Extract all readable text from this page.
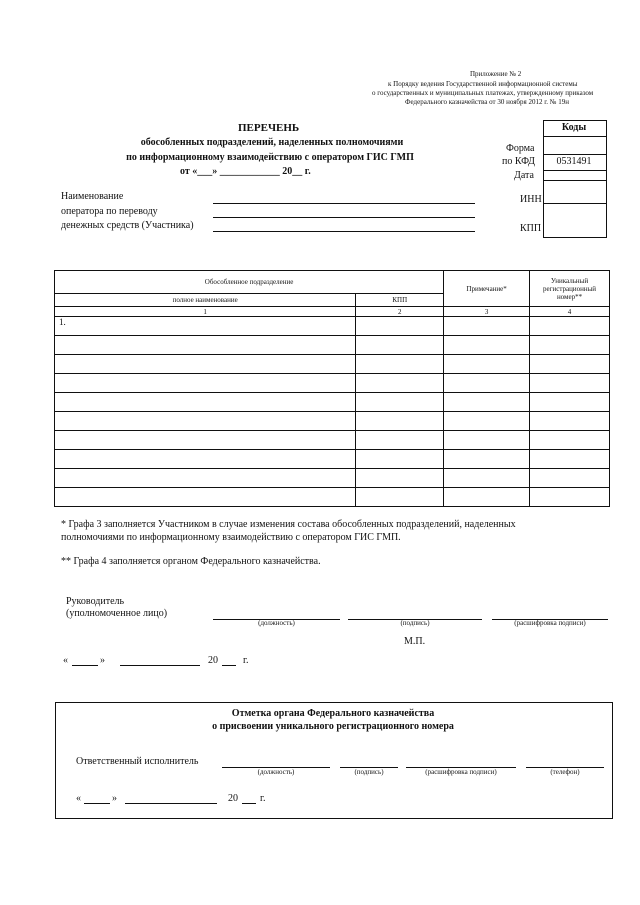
Приложение № 2
к Порядку ведения Государственной информационной системы
о государственных и муниципальных платежах, утвержденному приказом
Федерального казначейства от 30 ноября 2012 г. № 19н
ПЕРЕЧЕНЬ
обособленных подразделений, наделенных полномочиями
по информационному взаимодействию с оператором ГИС ГМП
от «___» ____________ 20__ г.
Коды
Форма
по КФД	0531491
Дата
ИНН
КПП
Наименование
оператора по переводу
денежных средств (Участника)
Обособленное подразделение		Примечание*	Уникальный
регистрационный
номер**
полное наименование	КПП		
1	2	3	4
1.			

* Графа 3 заполняется Участником в случае изменения состава обособленных подразделений, наделенных
полномочиями по информационному взаимодействию с оператором ГИС ГМП.
** Графа 4 заполняется органом Федерального казначейства.
Руководитель
(уполномоченное лицо)
(должность)	(подпись)	(расшифровка подписи)
М.П.
«	»	20	г.
Отметка органа Федерального казначейства
о присвоении уникального регистрационного номера
Ответственный исполнитель
(должность)	(подпись)	(расшифровка подписи)	(телефон)
«	»	20 г.
